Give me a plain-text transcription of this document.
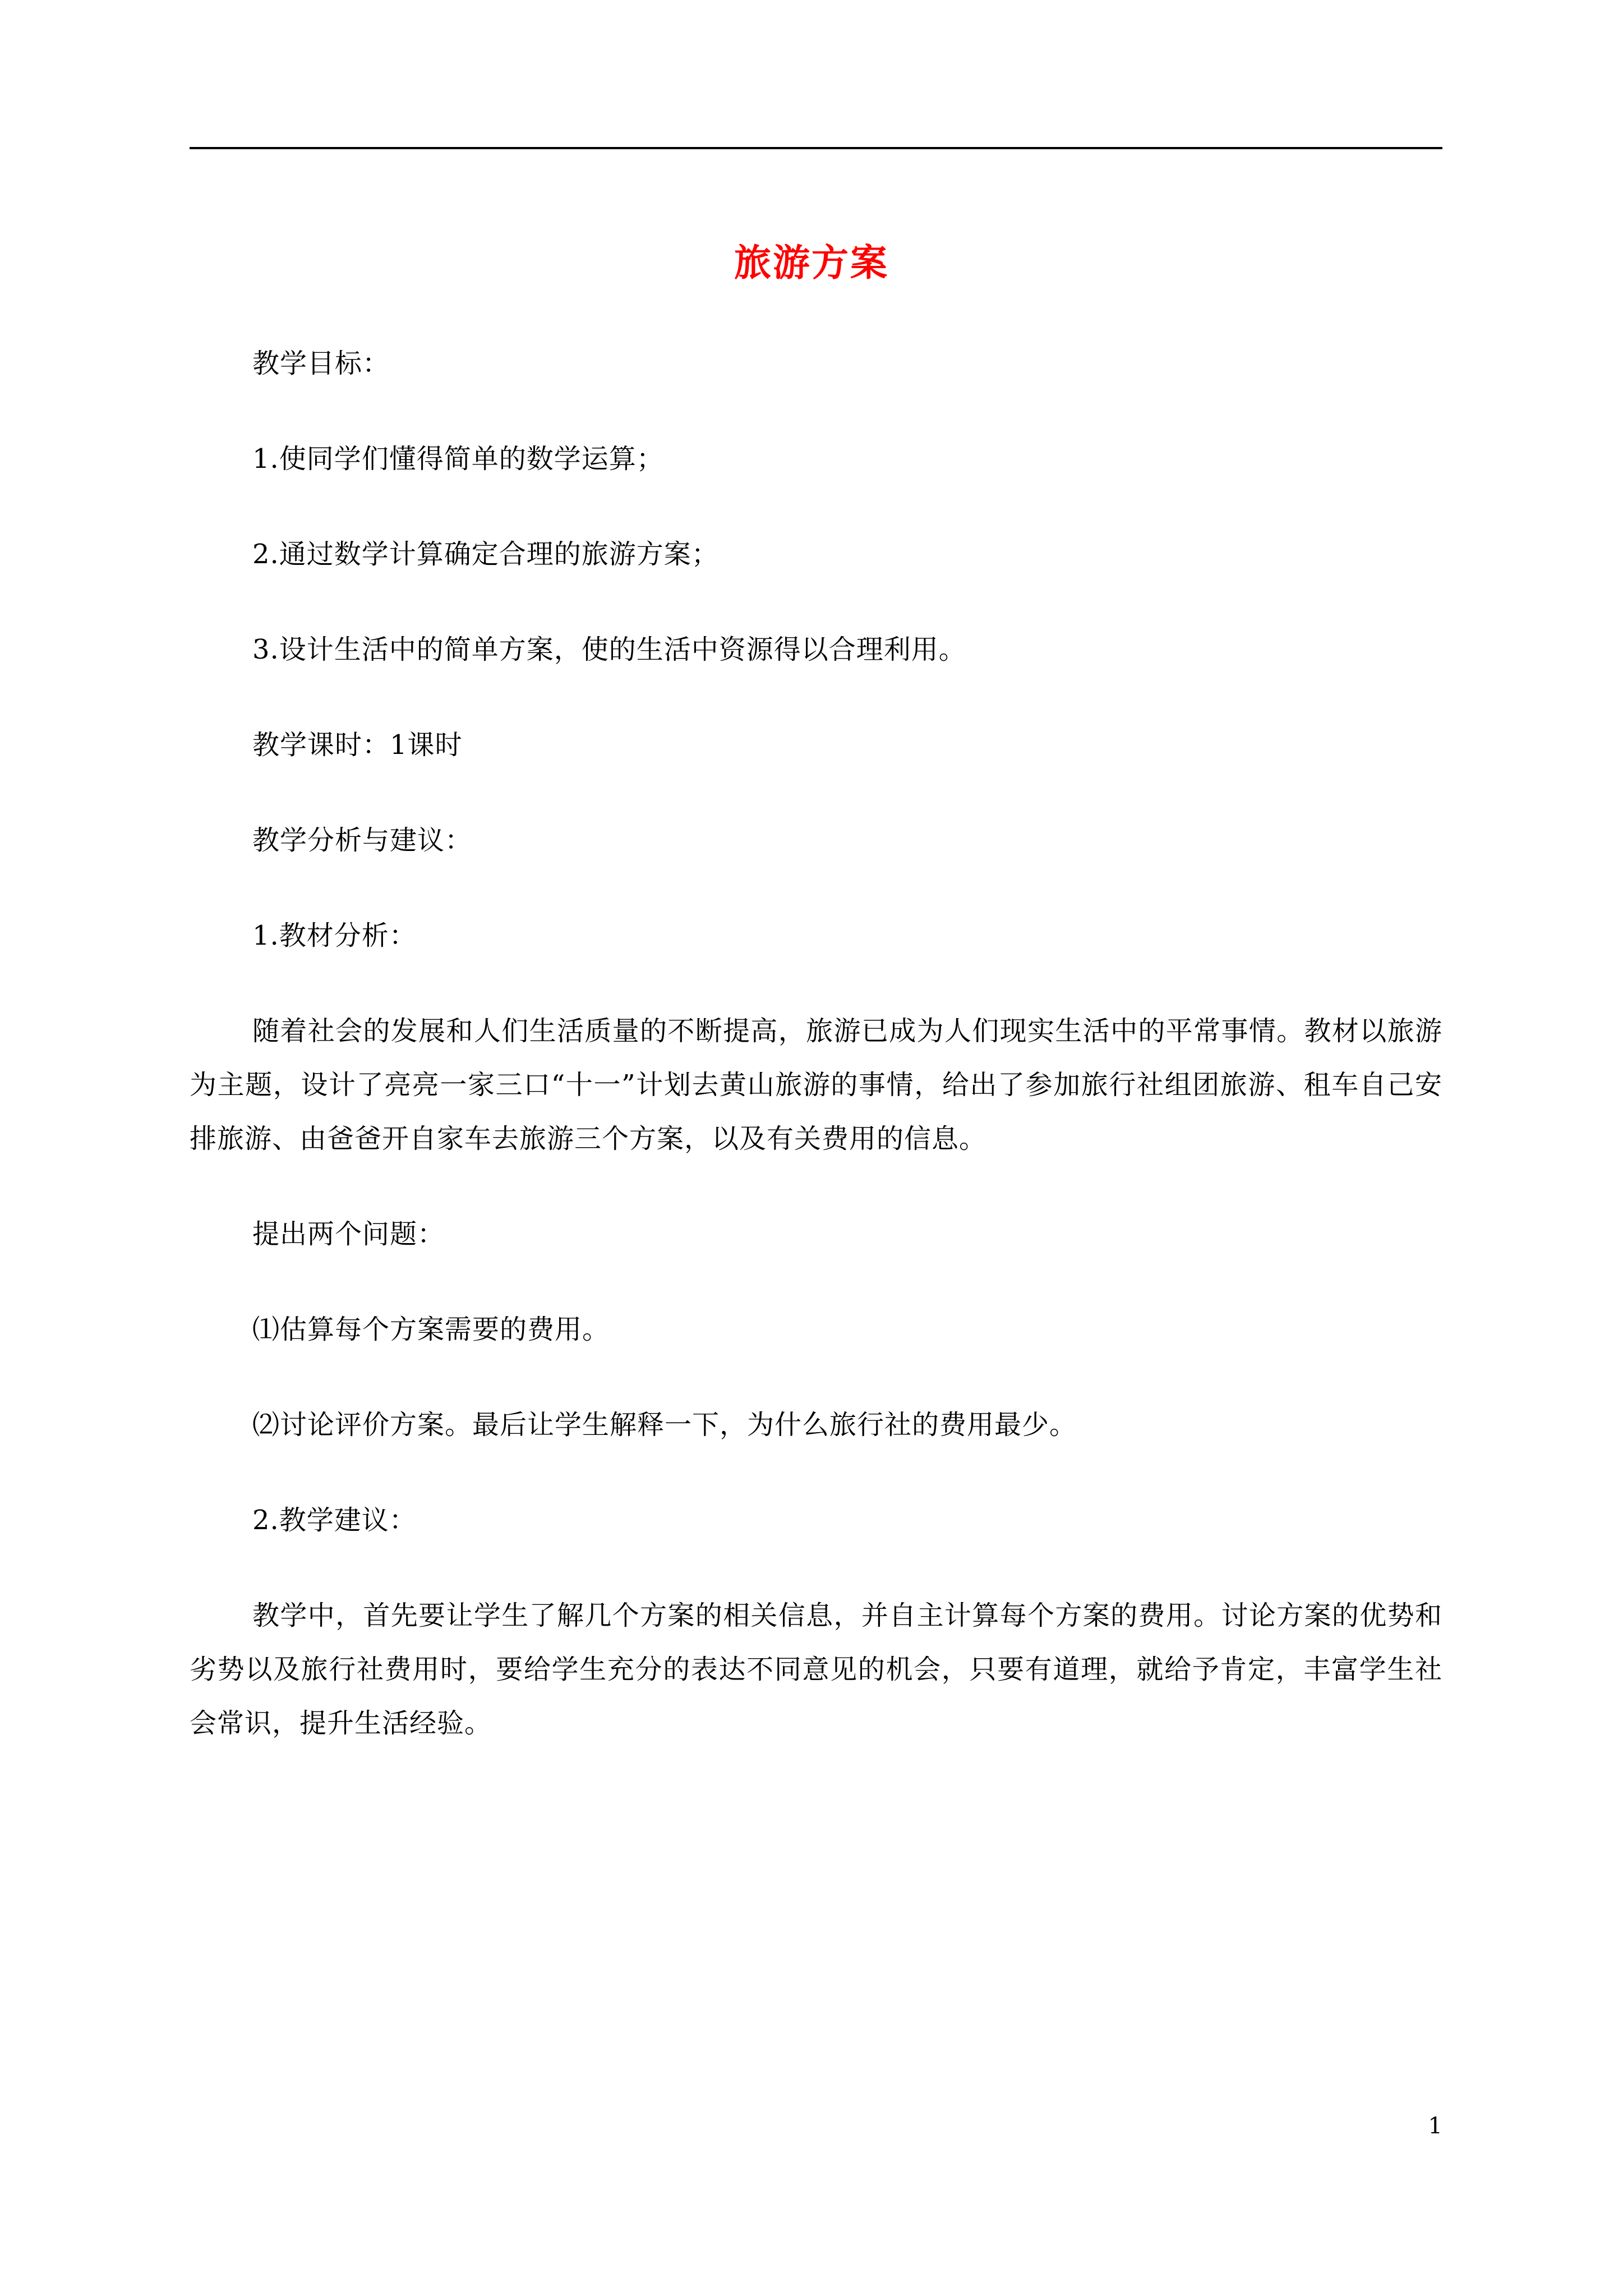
旅游方案

教学目标：

1.使同学们懂得简单的数学运算；

2.通过数学计算确定合理的旅游方案；

3.设计生活中的简单方案，使的生活中资源得以合理利用。

教学课时：1课时

教学分析与建议：

1.教材分析：

随着社会的发展和人们生活质量的不断提高，旅游已成为人们现实生活中的平常事情。教材以旅游为主题，设计了亮亮一家三口“十一”计划去黄山旅游的事情，给出了参加旅行社组团旅游、租车自己安排旅游、由爸爸开自家车去旅游三个方案，以及有关费用的信息。

提出两个问题：

⑴估算每个方案需要的费用。

⑵讨论评价方案。最后让学生解释一下，为什么旅行社的费用最少。

2.教学建议：

教学中，首先要让学生了解几个方案的相关信息，并自主计算每个方案的费用。讨论方案的优势和劣势以及旅行社费用时，要给学生充分的表达不同意见的机会，只要有道理，就给予肯定，丰富学生社会常识，提升生活经验。

1
